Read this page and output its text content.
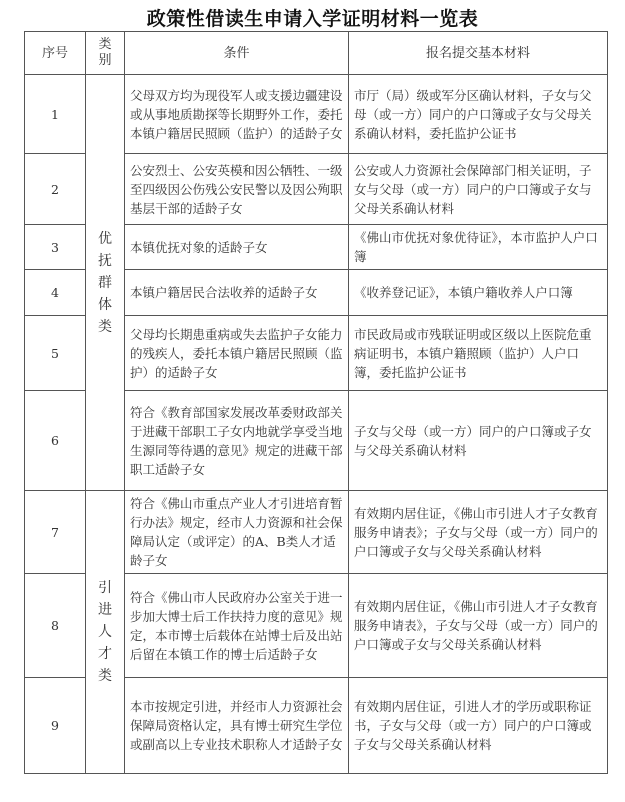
政策性借读生申请入学证明材料一览表
序号	类别	条件	报名提交基本材料
1	优抚群体类	父母双方均为现役军人或支援边疆建设或从事地质勘探等长期野外工作，委托本镇户籍居民照顾（监护）的适龄子女	市厅（局）级或军分区确认材料，子女与父母（或一方）同户的户口簿或子女与父母关系确认材料，委托监护公证书
2		公安烈士、公安英模和因公牺牲、一级至四级因公伤残公安民警以及因公殉职基层干部的适龄子女	公安或人力资源社会保障部门相关证明，子女与父母（或一方）同户的户口簿或子女与父母关系确认材料
3		本镇优抚对象的适龄子女	《佛山市优抚对象优待证》，本市监护人户口簿
4		本镇户籍居民合法收养的适龄子女	《收养登记证》，本镇户籍收养人户口簿
5		父母均长期患重病或失去监护子女能力的残疾人，委托本镇户籍居民照顾（监护）的适龄子女	市民政局或市残联证明或区级以上医院危重病证明书，本镇户籍照顾（监护）人户口簿，委托监护公证书
6		符合《教育部国家发展改革委财政部关于进藏干部职工子女内地就学享受当地生源同等待遇的意见》规定的进藏干部职工适龄子女	子女与父母（或一方）同户的户口簿或子女与父母关系确认材料
7	引进人才类	符合《佛山市重点产业人才引进培育暂行办法》规定，经市人力资源和社会保障局认定（或评定）的A、B类人才适龄子女	有效期内居住证，《佛山市引进人才子女教育服务申请表》；子女与父母（或一方）同户的户口簿或子女与父母关系确认材料
8		符合《佛山市人民政府办公室关于进一步加大博士后工作扶持力度的意见》规定，本市博士后载体在站博士后及出站后留在本镇工作的博士后适龄子女	有效期内居住证，《佛山市引进人才子女教育服务申请表》，子女与父母（或一方）同户的户口簿或子女与父母关系确认材料
9		本市按规定引进，并经市人力资源社会保障局资格认定，具有博士研究生学位或副高以上专业技术职称人才适龄子女	有效期内居住证，引进人才的学历或职称证书，子女与父母（或一方）同户的户口簿或子女与父母关系确认材料
